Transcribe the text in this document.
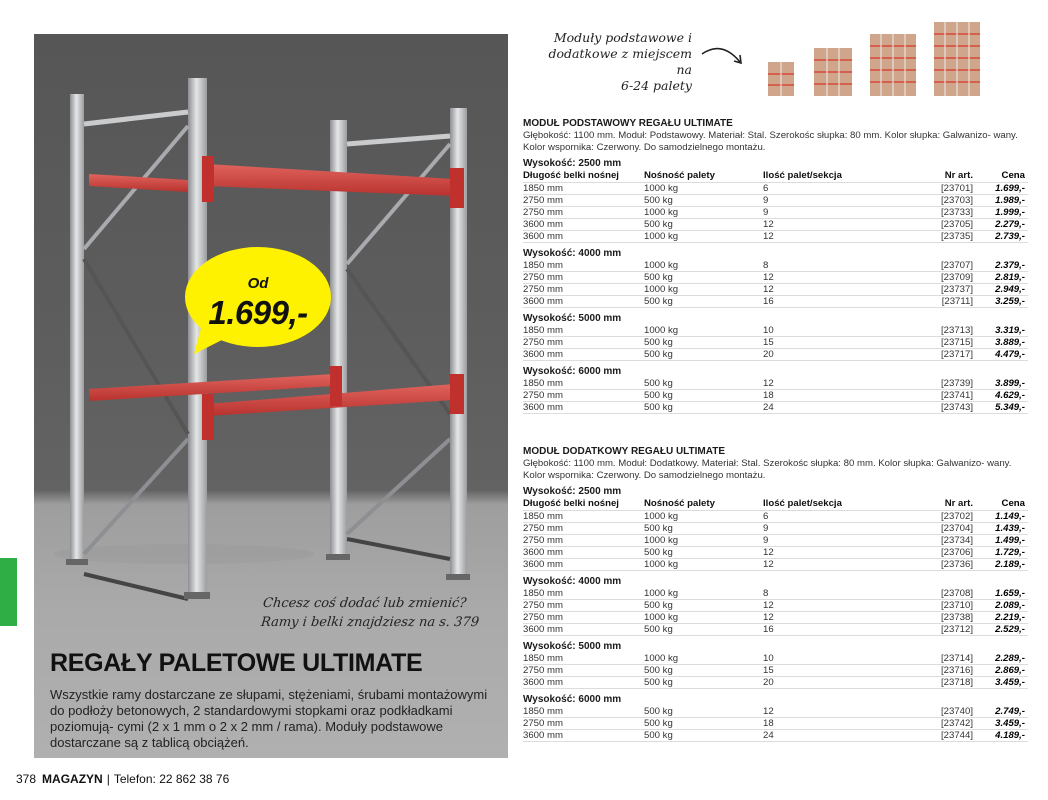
Od
1.699,-
Chcesz coś dodać lub zmienić?
Ramy i belki znajdziesz na s. 379
REGAŁY PALETOWE ULTIMATE
Wszystkie ramy dostarczane ze słupami, stężeniami, śrubami montażowymi do podłoży betonowych, 2 standardowymi stopkami oraz podkładkami poziomują- cymi (2 x 1 mm o 2 x 2 mm / rama). Moduły podstawowe dostarczane są z tablicą obciążeń.
378 MAGAZYN | Telefon: 22 862 38 76
Moduły podstawowe i
dodatkowe z miejscem na
6-24 palety
MODUŁ PODSTAWOWY REGAŁU ULTIMATE
Głębokość: 1100 mm. Moduł: Podstawowy. Materiał: Stal. Szerokośc słupka: 80 mm. Kolor słupka: Galwanizo- wany. Kolor wspornika: Czerwony. Do samodzielnego montażu.
Wysokość: 2500 mm
Długość belki nośnej	Nośność palety	Ilość palet/sekcja	Nr art.	Cena
1850 mm	1000 kg	6	[23701]	1.699,-
2750 mm	500 kg	9	[23703]	1.989,-
2750 mm	1000 kg	9	[23733]	1.999,-
3600 mm	500 kg	12	[23705]	2.279,-
3600 mm	1000 kg	12	[23735]	2.739,-
Wysokość: 4000 mm
1850 mm	1000 kg	8	[23707]	2.379,-
2750 mm	500 kg	12	[23709]	2.819,-
2750 mm	1000 kg	12	[23737]	2.949,-
3600 mm	500 kg	16	[23711]	3.259,-
Wysokość: 5000 mm
1850 mm	1000 kg	10	[23713]	3.319,-
2750 mm	500 kg	15	[23715]	3.889,-
3600 mm	500 kg	20	[23717]	4.479,-
Wysokość: 6000 mm
1850 mm	500 kg	12	[23739]	3.899,-
2750 mm	500 kg	18	[23741]	4.629,-
3600 mm	500 kg	24	[23743]	5.349,-
MODUŁ DODATKOWY REGAŁU ULTIMATE
Głębokość: 1100 mm. Moduł: Dodatkowy. Materiał: Stal. Szerokośc słupka: 80 mm. Kolor słupka: Galwanizo- wany. Kolor wspornika: Czerwony. Do samodzielnego montażu.
Wysokość: 2500 mm
Długość belki nośnej	Nośność palety	Ilość palet/sekcja	Nr art.	Cena
1850 mm	1000 kg	6	[23702]	1.149,-
2750 mm	500 kg	9	[23704]	1.439,-
2750 mm	1000 kg	9	[23734]	1.499,-
3600 mm	500 kg	12	[23706]	1.729,-
3600 mm	1000 kg	12	[23736]	2.189,-
Wysokość: 4000 mm
1850 mm	1000 kg	8	[23708]	1.659,-
2750 mm	500 kg	12	[23710]	2.089,-
2750 mm	1000 kg	12	[23738]	2.219,-
3600 mm	500 kg	16	[23712]	2.529,-
Wysokość: 5000 mm
1850 mm	1000 kg	10	[23714]	2.289,-
2750 mm	500 kg	15	[23716]	2.869,-
3600 mm	500 kg	20	[23718]	3.459,-
Wysokość: 6000 mm
1850 mm	500 kg	12	[23740]	2.749,-
2750 mm	500 kg	18	[23742]	3.459,-
3600 mm	500 kg	24	[23744]	4.189,-
